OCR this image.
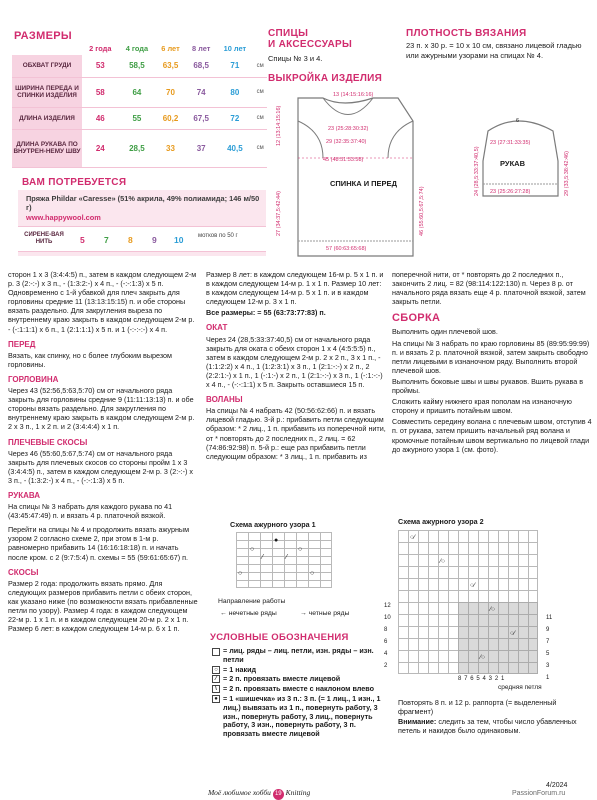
РАЗМЕРЫ
	2 года	4 года	6 лет	8 лет	10 лет	
ОБХВАТ ГРУДИ	53	58,5	63,5	68,5	71	см
ШИРИНА ПЕРЕДА И СПИНКИ ИЗДЕЛИЯ	58	64	70	74	80	см
ДЛИНА ИЗДЕЛИЯ	46	55	60,2	67,5	72	см
ДЛИНА РУКАВА ПО ВНУТРЕН-НЕМУ ШВУ	24	28,5	33	37	40,5	см
СПИЦЫ
И АКСЕССУАРЫ
Спицы № 3 и 4.
ПЛОТНОСТЬ ВЯЗАНИЯ
23 п. х 30 р. = 10 х 10 см, связано лицевой гладью или ажурными узорами на спицах № 4.
ВЫКРОЙКА ИЗДЕЛИЯ
СПИНКА И ПЕРЕД
13 (14:15:16:16)
23 (25:28:30:32)
29 (32:35:37:40)
45 (48:51:53:58)
57 (60:63:65:68)
27 (34:37,5:42:44)
12 (13:14:15:16)
46 (55:60,5:67,5:74)
РУКАВ
6
23 (27:31:33:35)
23 (25:26:27:28)
24 (28,5:33:37:40,5)	29 (33,5:38:42:46)
ВАМ ПОТРЕБУЕТСЯ
Пряжа Phildar «Caresse» (51% акрила, 49% полиамида; 146 м/50 г)
www.happywool.com
СИРЕНЕ-ВАЯ НИТЬ	5 7 8 9 10 мотков по 50 г

сторон 1 х 3 (3:4:4:5) п., затем в каждом следующем 2-м р. 3 (2:-:-) х 3 п., - (1:3:2:-) х 4 п., - (-:-:1:3) х 5 п. Одновременно с 1-й убавкой для плеч закрыть для горловины средние 11 (13:13:15:15) п. и обе стороны вязать раздельно. Для закругления выреза по внутреннему краю закрыть в каждом следующем 2-м р. - (-:1:1:1) х 6 п., 1 (2:1:1:1) х 5 п. и 1 (-:-:-:-) х 4 п.

ПЕРЕД

Вязать, как спинку, но с более глубоким вырезом горловины.

ГОРЛОВИНА

Через 43 (52:56,5:63,5:70) см от начального ряда закрыть для горловины средние 9 (11:11:13:13) п. и обе стороны вязать раздельно. Для закругления по внутреннему краю закрыть в каждом следующем 2-м р. 2 х 3 п., 1 х 2 п. и 2 (3:4:4:4) х 1 п.

ПЛЕЧЕВЫЕ СКОСЫ

Через 46 (55:60,5:67,5:74) см от начального ряда закрыть для плечевых скосов со стороны пройм 1 х 3 (3:4:4:5) п., затем в каждом следующем 2-м р. 3 (2:-:-) х 3 п., - (1:3:2:-) х 4 п., - (-:-:1:3) х 5 п.

РУКАВА

На спицы № 3 набрать для каждого рукава по 41 (43:45:47:49) п. и вязать 4 р. платочной вязкой.

Перейти на спицы № 4 и продолжить вязать ажурным узором 2 согласно схеме 2, при этом в 1-м р. равномерно прибавить 14 (16:16:18:18) п. и начать после кром. с 2 (9:7:5:4) п. схемы = 55 (59:61:65:67) п.

СКОСЫ

Размер 2 года: продолжить вязать прямо. Для следующих размеров прибавить петли с обеих сторон, как указано ниже (по возможности вязать прибавленные петли по узору). Размер 4 года: в каждом следующем 22-м р. 1 х 1 п. и в каждом следующем 20-м р. 2 х 1 п. Размер 6 лет: в каждом следующем 14-м р. 6 х 1 п.

Размер 8 лет: в каждом следующем 16-м р. 5 х 1 п. и в каждом следующем 14-м р. 1 х 1 п. Размер 10 лет: в каждом следующем 14-м р. 5 х 1 п. и в каждом следующем 12-м р. 3 х 1 п.

Все размеры: = 55 (63:73:77:83) п.

ОКАТ

Через 24 (28,5:33:37:40,5) см от начального ряда закрыть для оката с обеих сторон 1 х 4 (4:5:5:5) п., затем в каждом следующем 2-м р. 2 х 2 п., 3 х 1 п., - (1:1:2:2) х 4 п., 1 (1:2:3:1) х 3 п., 1 (2:1:-:-) х 2 п., 2 (2:2:1:-) х 1 п., 1 (-:1:-) х 2 п., 1 (2:1:-:-) х 3 п., 1 (-:1:-:-) х 4 п., - (-:-:1:1) х 5 п. Закрыть оставшиеся 15 п.

ВОЛАНЫ

На спицы № 4 набрать 42 (50:56:62:66) п. и вязать лицевой гладью. 3-й р.: прибавить петли следующим образом: * 2 лиц., 1 п. прибавить из поперечной нити, от * повторять до 2 последних п., 2 лиц. = 62 (74:86:92:98) п. 5-й р.: еще раз прибавить петли следующим образом: * 3 лиц., 1 п. прибавить из

Схема ажурного узора 1
●
○	○
⁄	⁄
○	○
Направление работы
← нечетные ряды	→ четные ряды
УСЛОВНЫЕ ОБОЗНАЧЕНИЯ
= лиц. ряды – лиц. петли, изн. ряды – изн. петли
○ = 1 накид
⁄ = 2 п. провязать вместе лицевой
\ = 2 п. провязать вместе с наклоном влево
● = 1 «шишечка» из 3 п.: 3 п. (= 1 лиц., 1 изн., 1 лиц.) вывязать из 1 п., повернуть работу, 3 изн., повернуть работу, 3 лиц., повернуть работу, 3 изн., повернуть работу, 3 п. провязать вместе лицевой

поперечной нити, от * повторять до 2 последних п., закончить 2 лиц. = 82 (98:114:122:130) п. Через 8 р. от начального ряда вязать еще 4 р. платочной вязкой, затем закрыть петли.

СБОРКА

Выполнить один плечевой шов.

На спицы № 3 набрать по краю горловины 85 (89:95:99:99) п. и вязать 2 р. платочной вязкой, затем закрыть свободно петли лицевыми в изнаночном ряду. Выполнить второй плечевой шов.

Выполнить боковые швы и швы рукавов. Вшить рукава в проймы.

Сложить кайму нижнего края пополам на изнаночную сторону и пришить потайным швом.

Совместить середину волана с плечевым швом, отступив 4 п. от рукава, затем пришить начальный ряд волана и кромочные потайным швом вертикально по лицевой глади до ажурного узора 1 (см. фото).

Схема ажурного узора 2
○⁄
⁄○
○⁄
⁄○
○⁄
⁄○
11
9
7
5
3
1
12
10
8
6
4
2
87654321
средняя петля
Повторять 8 п. и 12 р. раппорта (= выделенный фрагмент)
Внимание: следить за тем, чтобы число убавленных петель и накидов было одинаковым.
Моё любимое хобби 19 Knitting
4/2024
PassionForum.ru
